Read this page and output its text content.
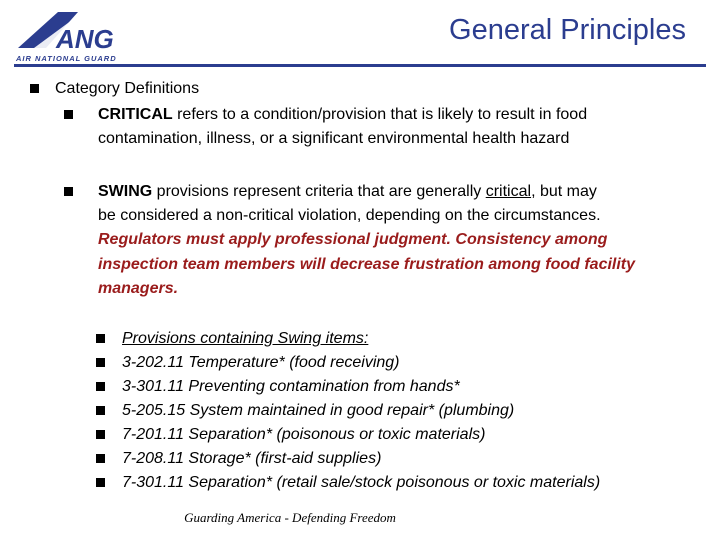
ANG
AIR NATIONAL GUARD
General Principles
Category Definitions
CRITICAL refers to a condition/provision that is likely to result in food
contamination, illness, or a significant environmental health hazard
SWING provisions represent criteria that are generally critical, but may
be considered a non-critical violation, depending on the circumstances.
Regulators must apply professional judgment. Consistency among
inspection team members will decrease frustration among food facility
managers.
Provisions containing Swing items:
3-202.11 Temperature* (food receiving)
3-301.11 Preventing contamination from hands*
5-205.15 System maintained in good repair* (plumbing)
7-201.11 Separation* (poisonous or toxic materials)
7-208.11 Storage* (first-aid supplies)
7-301.11 Separation* (retail sale/stock poisonous or toxic materials)
Guarding America - Defending Freedom
